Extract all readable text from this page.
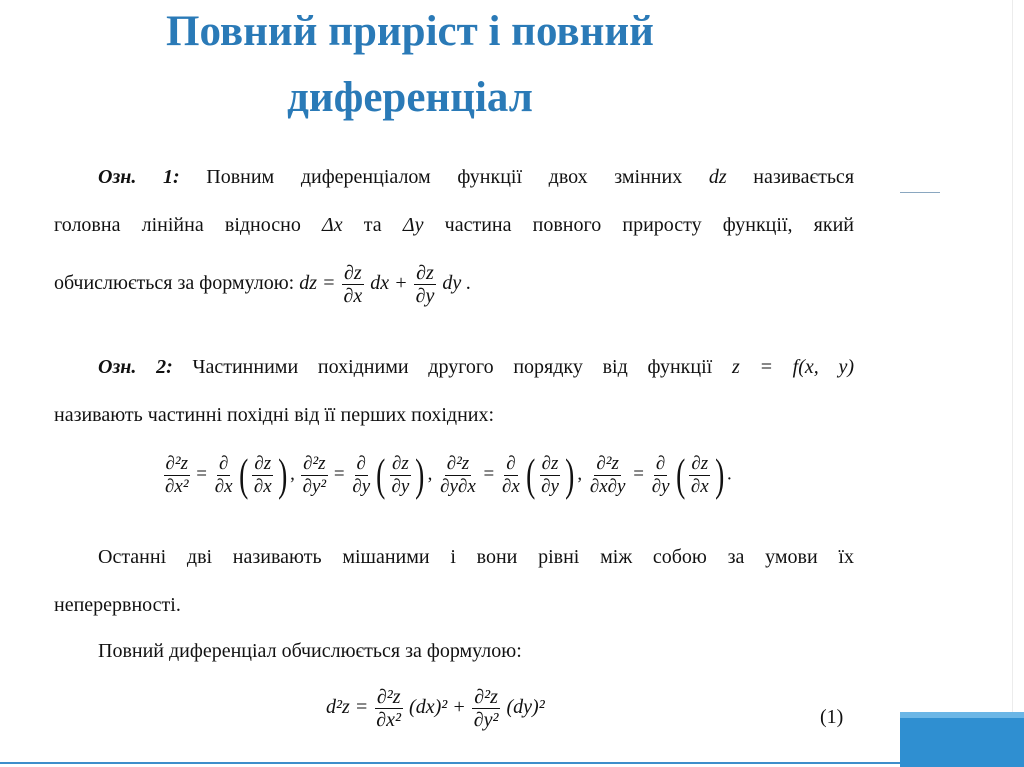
Повний приріст і повний
диференціал
Озн. 1: Повним диференціалом функції двох змінних dz називається
головна лінійна відносно Δx та Δy частина повного приросту функції, який
обчислюється за формулою: dz = $\frac{\partial z}{\partial x}$ dx + $\frac{\partial z}{\partial y}$ dy .
Озн. 2: Частинними похідними другого порядку від функції z = f(x, y)
називають частинні похідні від її перших похідних:
$\frac{\text{∂²z}}{\text{∂x²}} = \frac{\partial}{\partial x}$ ( $\frac{\partial z}{\partial x}$ ) , $\frac{\text{∂²z}}{\text{∂y²}} = \frac{\partial}{\partial y}$ ( $\frac{\partial z}{\partial y}$ ) , $\frac{\text{∂²z}}{\partial y\partial x} = \frac{\partial}{\partial x}$ ( $\frac{\partial z}{\partial y}$ ) , $\frac{\text{∂²z}}{\partial x\partial y} = \frac{\partial}{\partial y}$ ( $\frac{\partial z}{\partial x}$ ) .
Останні дві називають мішаними і вони рівні між собою за умови їх
неперервності.
Повний диференціал обчислюється за формулою:
$d^2z = \frac{\text{∂²z}}{\text{∂x²}} (dx)^2 + \frac{\text{∂²z}}{\text{∂y²}} (dy)^2$	(1)
